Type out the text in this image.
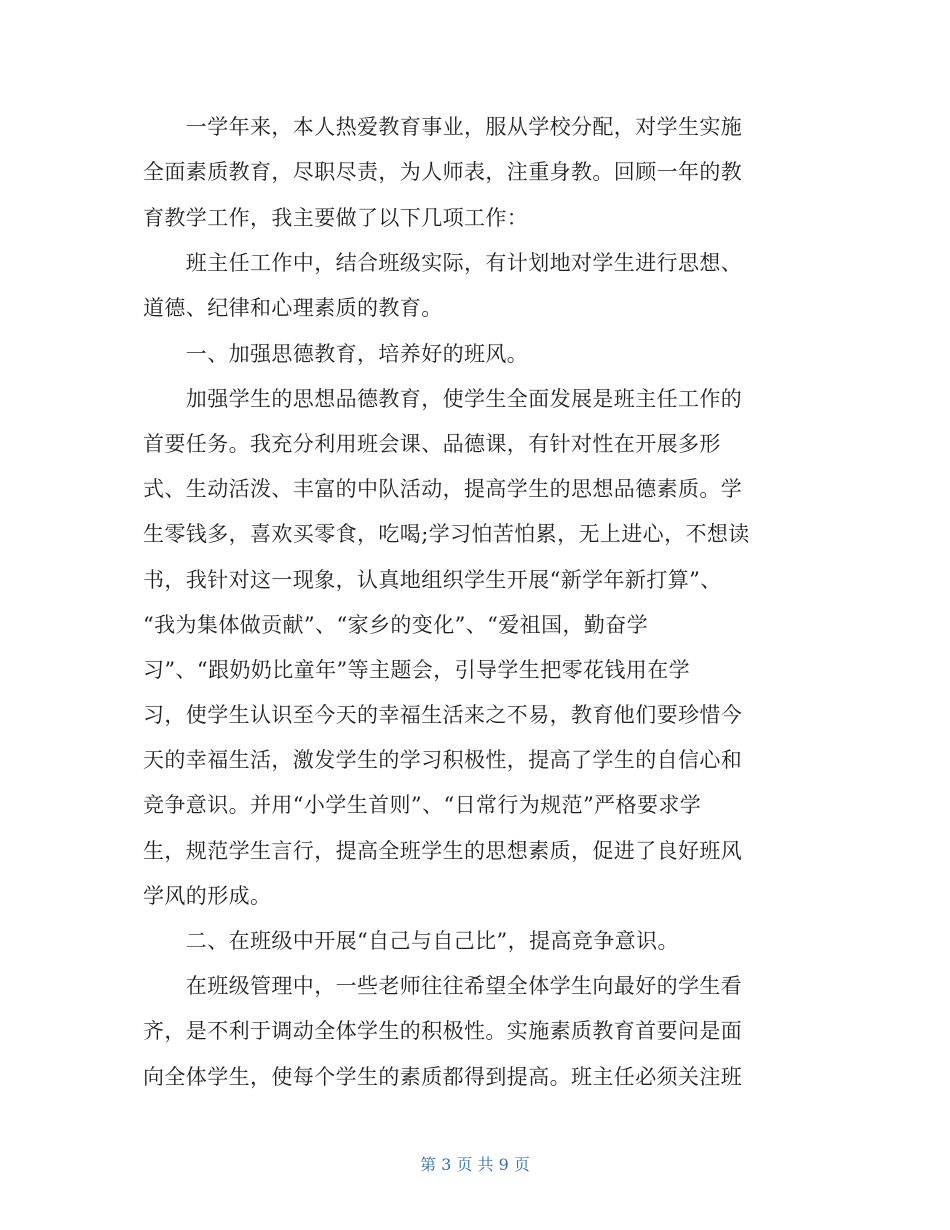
　　一学年来，本人热爱教育事业，服从学校分配，对学生实施
全面素质教育，尽职尽责，为人师表，注重身教。回顾一年的教
育教学工作，我主要做了以下几项工作：
　　班主任工作中，结合班级实际，有计划地对学生进行思想、
道德、纪律和心理素质的教育。
　　一、加强思德教育，培养好的班风。
　　加强学生的思想品德教育，使学生全面发展是班主任工作的
首要任务。我充分利用班会课、品德课，有针对性在开展多形
式、生动活泼、丰富的中队活动，提高学生的思想品德素质。学
生零钱多，喜欢买零食，吃喝;学习怕苦怕累，无上进心，不想读
书，我针对这一现象，认真地组织学生开展“新学年新打算”、
“我为集体做贡献”、“家乡的变化”、“爱祖国，勤奋学
习”、“跟奶奶比童年”等主题会，引导学生把零花钱用在学
习，使学生认识至今天的幸福生活来之不易，教育他们要珍惜今
天的幸福生活，激发学生的学习积极性，提高了学生的自信心和
竞争意识。并用“小学生首则”、“日常行为规范”严格要求学
生，规范学生言行，提高全班学生的思想素质，促进了良好班风
学风的形成。
　　二、在班级中开展“自己与自己比”，提高竞争意识。
　　在班级管理中，一些老师往往希望全体学生向最好的学生看
齐，是不利于调动全体学生的积极性。实施素质教育首要问是面
向全体学生，使每个学生的素质都得到提高。班主任必须关注班
第 3 页 共 9 页
